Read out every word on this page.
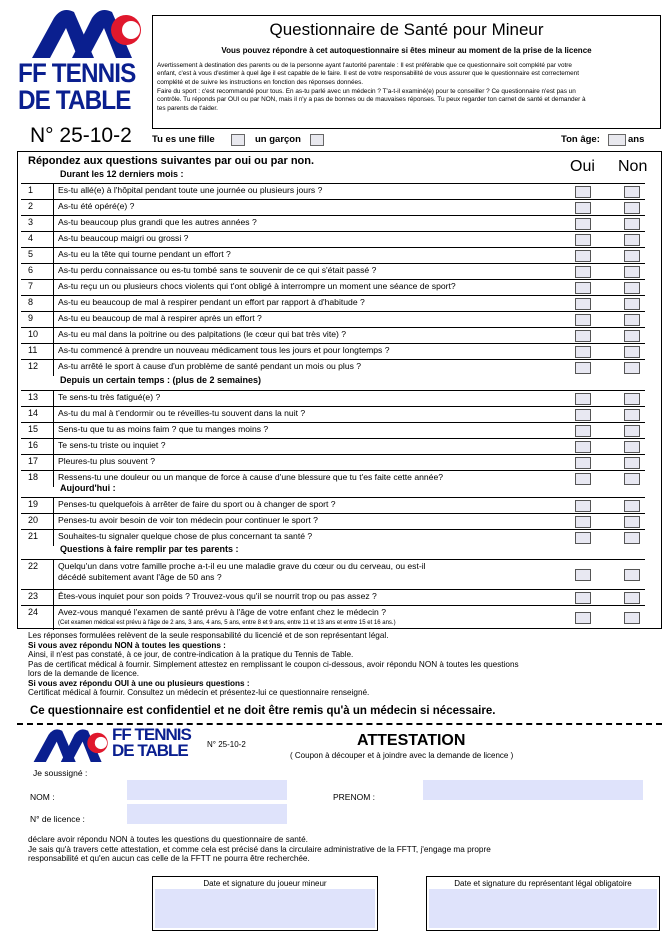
FF TENNIS
DE TABLE
N° 25-10-2
Questionnaire de Santé pour Mineur
Vous pouvez répondre à cet autoquestionnaire si êtes mineur au moment de la prise de la licence
Avertissement à destination des parents ou de la personne ayant l'autorité parentale : Il est préférable que ce questionnaire soit complété par votre
enfant, c'est à vous d'estimer à quel âge il est capable de le faire. Il est de votre responsabilité de vous assurer que le questionnaire est correctement
complété et de suivre les instructions en fonction des réponses données.
Faire du sport : c'est recommandé pour tous. En as-tu parlé avec un médecin ? T'a-t-il examiné(e) pour te conseiller ? Ce questionnaire n'est pas un
contrôle. Tu réponds par OUI ou par NON, mais il n'y a pas de bonnes ou de mauvaises réponses. Tu peux regarder ton carnet de santé et demander à
tes parents de t'aider.
Tu es une fille	un garçon	Ton âge:	ans
Répondez aux questions suivantes par oui ou par non.	Oui Non
Durant les 12 derniers mois :
Depuis un certain temps : (plus de 2 semaines)
Aujourd'hui :
Questions à faire remplir par tes parents :
1	Es-tu allé(e) à l'hôpital pendant toute une journée ou plusieurs jours ?
2	As-tu été opéré(e) ?
3	As-tu beaucoup plus grandi que les autres années ?
4	As-tu beaucoup maigri ou grossi ?
5	As-tu eu la tête qui tourne pendant un effort ?
6	As-tu perdu connaissance ou es-tu tombé sans te souvenir de ce qui s'était passé ?
7	As-tu reçu un ou plusieurs chocs violents qui t'ont obligé à interrompre un moment une séance de sport?
8	As-tu eu beaucoup de mal à respirer pendant un effort par rapport à d'habitude ?
9	As-tu eu beaucoup de mal à respirer après un effort ?
10 As-tu eu mal dans la poitrine ou des palpitations (le cœur qui bat très vite) ?
11 As-tu commencé à prendre un nouveau médicament tous les jours et pour longtemps ?
12 As-tu arrêté le sport à cause d'un problème de santé pendant un mois ou plus ?
13 Te sens-tu très fatigué(e) ?
14 As-tu du mal à t'endormir ou te réveilles-tu souvent dans la nuit ?
15 Sens-tu que tu as moins faim ? que tu manges moins ?
16 Te sens-tu triste ou inquiet ?
17 Pleures-tu plus souvent ?
18 Ressens-tu une douleur ou un manque de force à cause d'une blessure que tu t'es faite cette année?
19 Penses-tu quelquefois à arrêter de faire du sport ou à changer de sport ?
20 Penses-tu avoir besoin de voir ton médecin pour continuer le sport ?
21 Souhaites-tu signaler quelque chose de plus concernant ta santé ?
22 Quelqu'un dans votre famille proche a-t-il eu une maladie grave du cœur ou du cerveau, ou est-il
décédé subitement avant l'âge de 50 ans ?
23 Êtes-vous inquiet pour son poids ? Trouvez-vous qu'il se nourrit trop ou pas assez ?
24 Avez-vous manqué l'examen de santé prévu à l'âge de votre enfant chez le médecin ?
(Cet examen médical est prévu à l'âge de 2 ans, 3 ans, 4 ans, 5 ans, entre 8 et 9 ans, entre 11 et 13 ans et entre 15 et 16 ans.)
Les réponses formulées relèvent de la seule responsabilité du licencié et de son représentant légal.
Si vous avez répondu NON à toutes les questions :
Ainsi, il n'est pas constaté, à ce jour, de contre-indication à la pratique du Tennis de Table.
Pas de certificat médical à fournir. Simplement attestez en remplissant le coupon ci-dessous, avoir répondu NON à toutes les questions
lors de la demande de licence.
Si vous avez répondu OUI à une ou plusieurs questions :
Certificat médical à fournir. Consultez un médecin et présentez-lui ce questionnaire renseigné.
Ce questionnaire est confidentiel et ne doit être remis qu'à un médecin si nécessaire.
FF TENNIS
DE TABLE	N° 25-10-2	ATTESTATION
( Coupon à découper et à joindre avec la demande de licence )
Je soussigné :
NOM :	PRENOM :
N° de licence :
déclare avoir répondu NON à toutes les questions du questionnaire de santé.
Je sais qu'à travers cette attestation, et comme cela est précisé dans la circulaire administrative de la FFTT, j'engage ma propre
responsabilité et qu'en aucun cas celle de la FFTT ne pourra être recherchée.
Date et signature du joueur mineur	Date et signature du représentant légal obligatoire
